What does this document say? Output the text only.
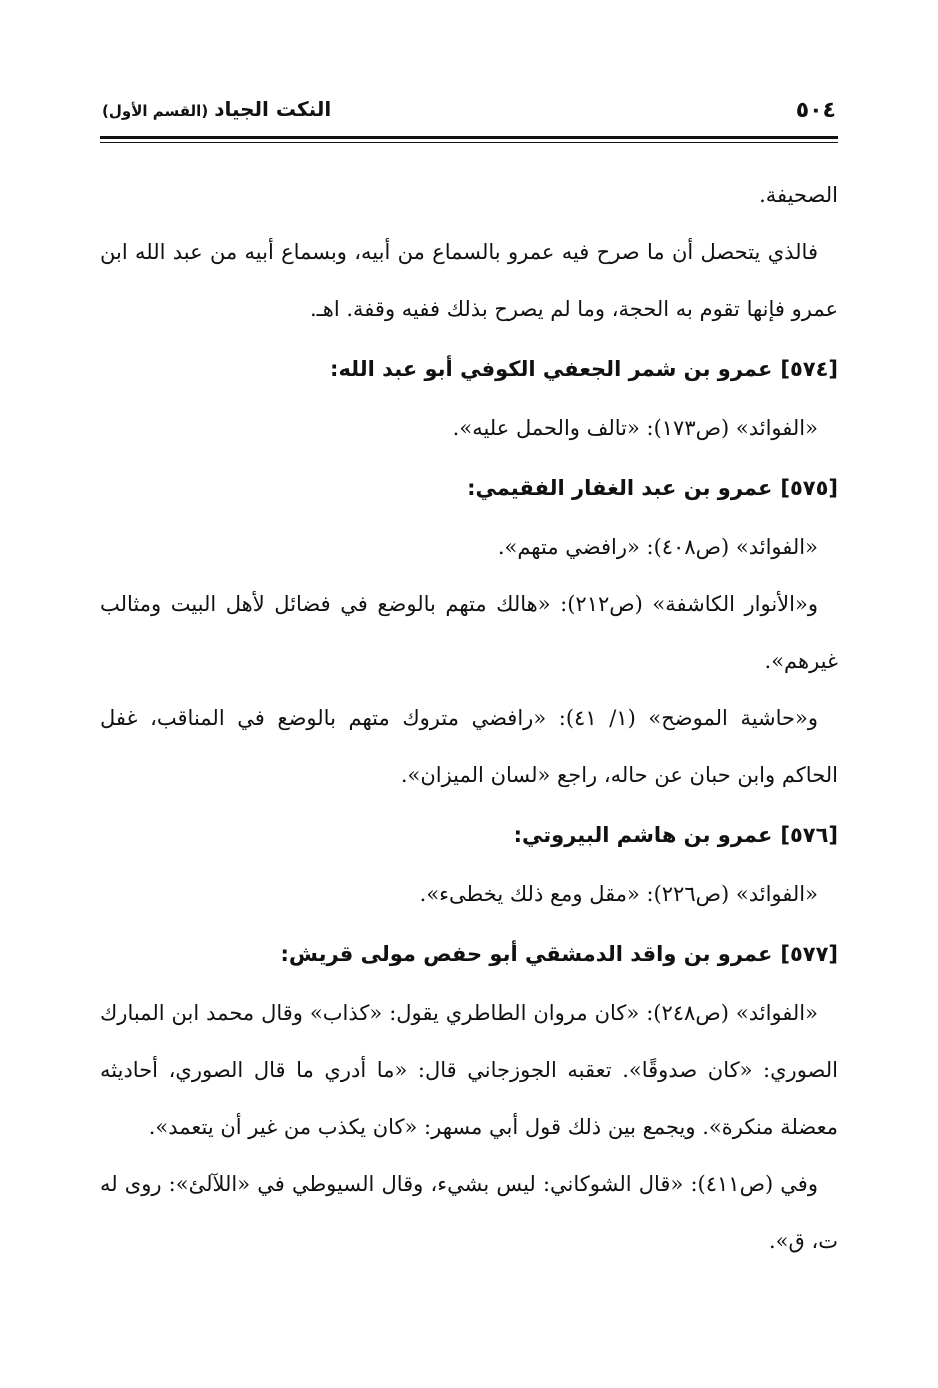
٥٠٤
النكت الجياد(القسم الأول)

الصحيفة.

فالذي يتحصل أن ما صرح فيه عمرو بالسماع من أبيه، وبسماع أبيه من عبد الله ابن عمرو فإنها تقوم به الحجة، وما لم يصرح بذلك ففيه وقفة. اهـ.

[٥٧٤]عمرو بن شمر الجعفي الكوفي أبو عبد الله:

«الفوائد» (ص١٧٣): «تالف والحمل عليه».

[٥٧٥]عمرو بن عبد الغفار الفقيمي:

«الفوائد» (ص٤٠٨): «رافضي متهم».

و«الأنوار الكاشفة» (ص٢١٢): «هالك متهم بالوضع في فضائل لأهل البيت ومثالب غيرهم».

و«حاشية الموضح» (١/ ٤١): «رافضي متروك متهم بالوضع في المناقب، غفل الحاكم وابن حبان عن حاله، راجع «لسان الميزان».

[٥٧٦]عمرو بن هاشم البيروتي:

«الفوائد» (ص٢٢٦): «مقل ومع ذلك يخطىء».

[٥٧٧]عمرو بن واقد الدمشقي أبو حفص مولى قريش:

«الفوائد» (ص٢٤٨): «كان مروان الطاطري يقول: «كذاب» وقال محمد ابن المبارك الصوري: «كان صدوقًا». تعقبه الجوزجاني قال: «ما أدري ما قال الصوري، أحاديثه معضلة منكرة». ويجمع بين ذلك قول أبي مسهر: «كان يكذب من غير أن يتعمد».

وفي (ص٤١١): «قال الشوكاني: ليس بشيء، وقال السيوطي في «اللآلئ»: روى له ت، ق».
